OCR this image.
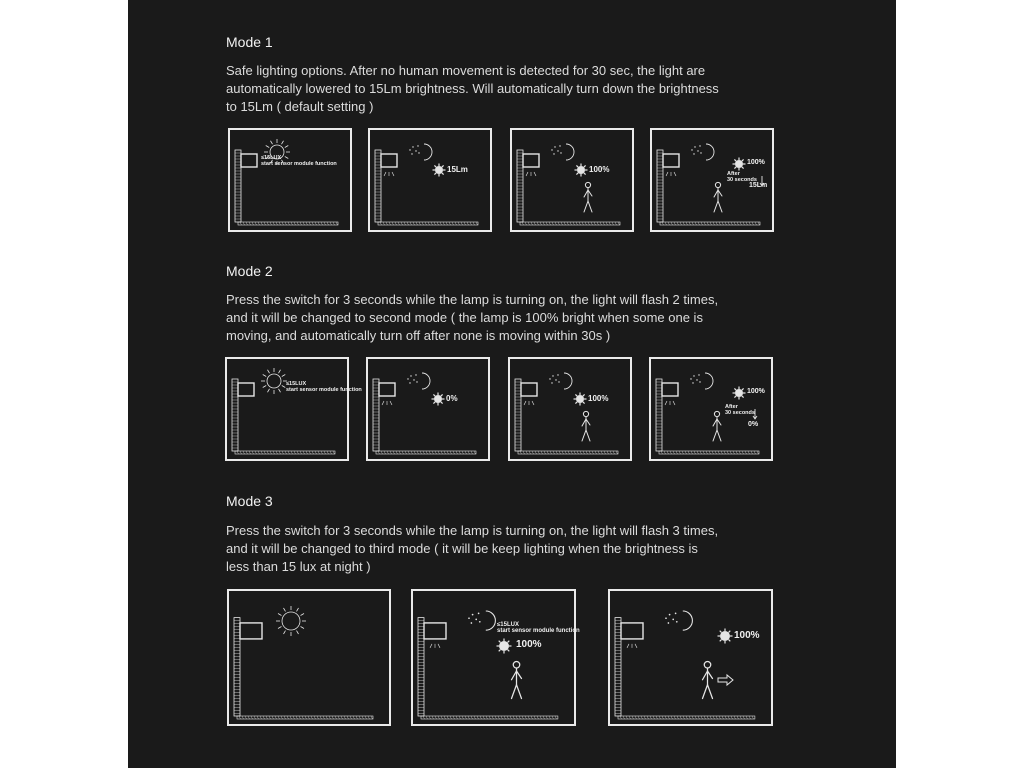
Mode 1
Safe lighting options. After no human movement is detected for 30 sec, the light are
automatically lowered to 15Lm brightness. Will automatically turn down the brightness
to 15Lm ( default setting )
≤15LUX
start sensor module function
15Lm	100%
100%
After
30 seconds
15Lm
Mode 2
Press the switch for 3 seconds while the lamp is turning on, the light will flash 2 times,
and it will be changed to second mode ( the lamp is 100% bright when some one is
moving, and automatically turn off after none is moving within 30s )
≤15LUX
start sensor module function
0%	100%
100%
After
30 seconds
0%
Mode 3
Press the switch for 3 seconds while the lamp is turning on, the light will flash 3 times,
and it will be changed to third mode ( it will be keep lighting when the brightness is
less than 15 lux at night )
≤15LUX
start sensor module function
100%
100%
